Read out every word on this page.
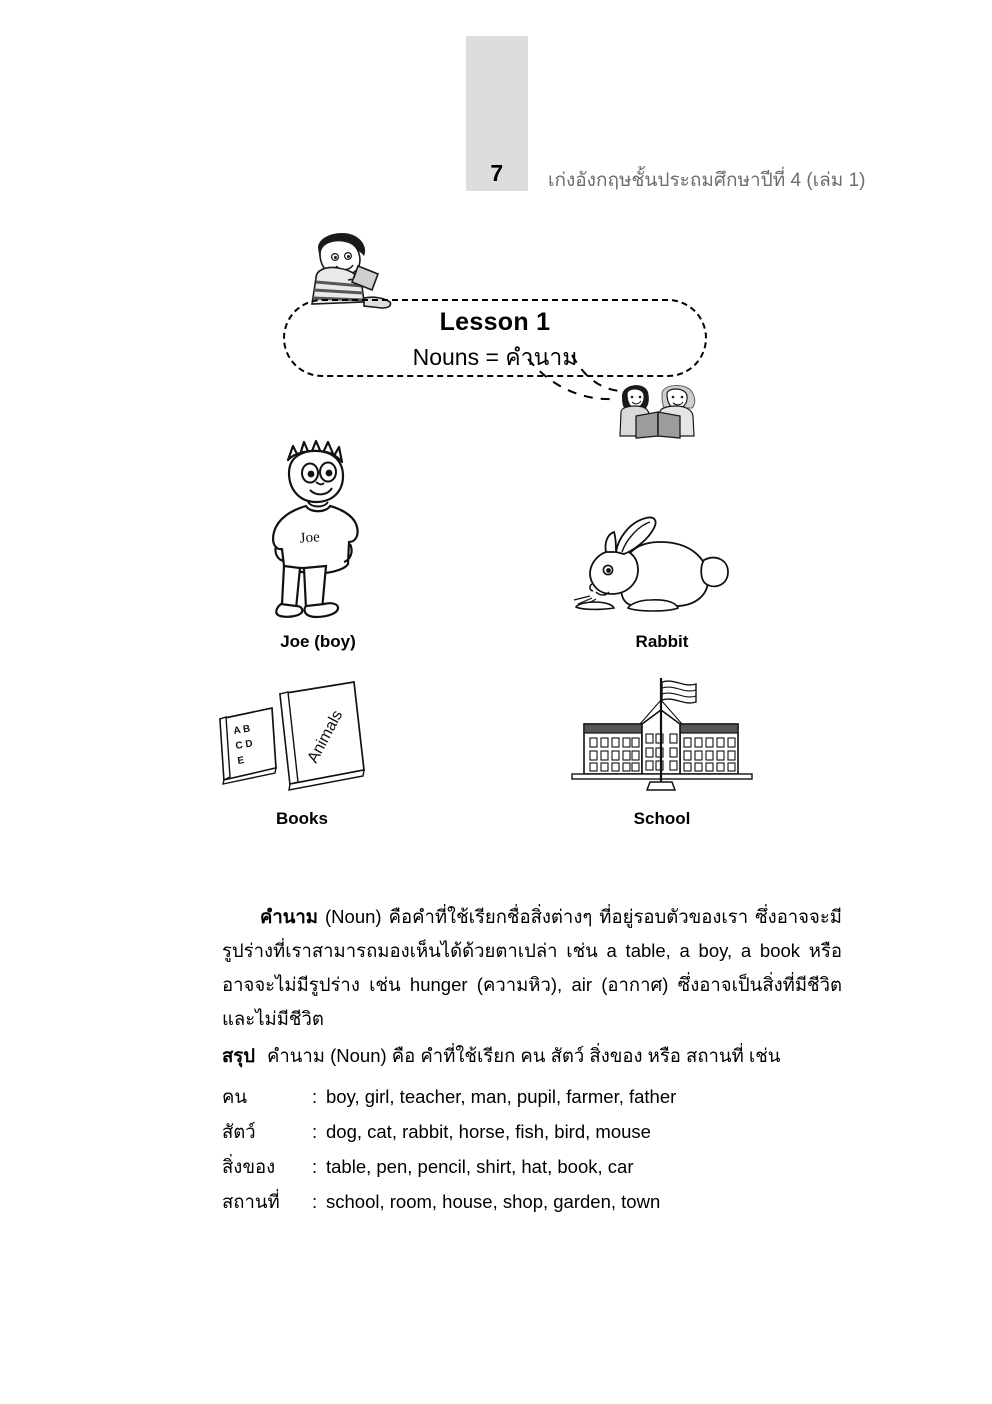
7	เก่งอังกฤษชั้นประถมศึกษาปีที่ 4 (เล่ม 1)
Lesson 1
Nouns = คำนาม
Joe
Joe (boy)	Rabbit
A B
C D
E	Animals
Books	School
คำนาม (Noun) คือคำที่ใช้เรียกชื่อสิ่งต่างๆ ที่อยู่รอบตัวของเรา ซึ่งอาจจะมีรูปร่างที่เราสามารถมองเห็นได้ด้วยตาเปล่า เช่น a table, a boy, a book หรือ อาจจะไม่มีรูปร่าง เช่น hunger (ความหิว), air (อากาศ) ซึ่งอาจเป็นสิ่งที่มีชีวิตและไม่มีชีวิต
สรุป คำนาม (Noun) คือ คำที่ใช้เรียก คน สัตว์ สิ่งของ หรือ สถานที่ เช่น
คน	: boy, girl, teacher, man, pupil, farmer, father
สัตว์	: dog, cat, rabbit, horse, fish, bird, mouse
สิ่งของ	: table, pen, pencil, shirt, hat, book, car
สถานที่	: school, room, house, shop, garden, town
